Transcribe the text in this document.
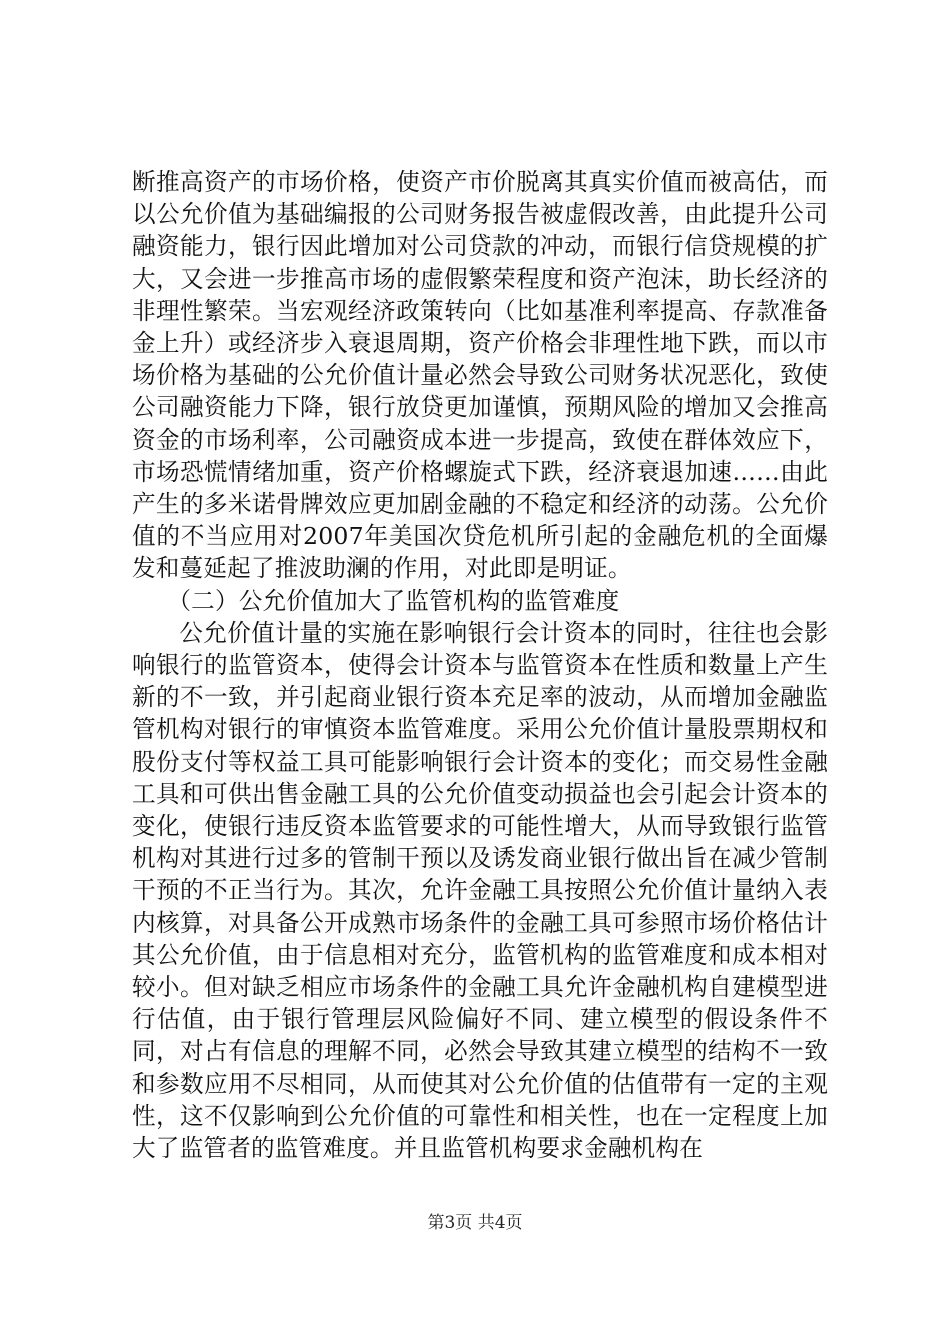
断推高资产的市场价格，使资产市价脱离其真实价值而被高估，而以公允价值为基础编报的公司财务报告被虚假改善，由此提升公司融资能力，银行因此增加对公司贷款的冲动，而银行信贷规模的扩大，又会进一步推高市场的虚假繁荣程度和资产泡沫，助长经济的非理性繁荣。当宏观经济政策转向（比如基准利率提高、存款准备金上升）或经济步入衰退周期，资产价格会非理性地下跌，而以市场价格为基础的公允价值计量必然会导致公司财务状况恶化，致使公司融资能力下降，银行放贷更加谨慎，预期风险的增加又会推高资金的市场利率，公司融资成本进一步提高，致使在群体效应下，市场恐慌情绪加重，资产价格螺旋式下跌，经济衰退加速……由此产生的多米诺骨牌效应更加剧金融的不稳定和经济的动荡。公允价值的不当应用对2007年美国次贷危机所引起的金融危机的全面爆发和蔓延起了推波助澜的作用，对此即是明证。

（二）公允价值加大了监管机构的监管难度

公允价值计量的实施在影响银行会计资本的同时，往往也会影响银行的监管资本，使得会计资本与监管资本在性质和数量上产生新的不一致，并引起商业银行资本充足率的波动，从而增加金融监管机构对银行的审慎资本监管难度。采用公允价值计量股票期权和股份支付等权益工具可能影响银行会计资本的变化；而交易性金融工具和可供出售金融工具的公允价值变动损益也会引起会计资本的变化，使银行违反资本监管要求的可能性增大，从而导致银行监管机构对其进行过多的管制干预以及诱发商业银行做出旨在减少管制干预的不正当行为。其次，允许金融工具按照公允价值计量纳入表内核算，对具备公开成熟市场条件的金融工具可参照市场价格估计其公允价值，由于信息相对充分，监管机构的监管难度和成本相对较小。但对缺乏相应市场条件的金融工具允许金融机构自建模型进行估值，由于银行管理层风险偏好不同、建立模型的假设条件不同，对占有信息的理解不同，必然会导致其建立模型的结构不一致和参数应用不尽相同，从而使其对公允价值的估值带有一定的主观性，这不仅影响到公允价值的可靠性和相关性，也在一定程度上加大了监管者的监管难度。并且监管机构要求金融机构在

第3页 共4页
